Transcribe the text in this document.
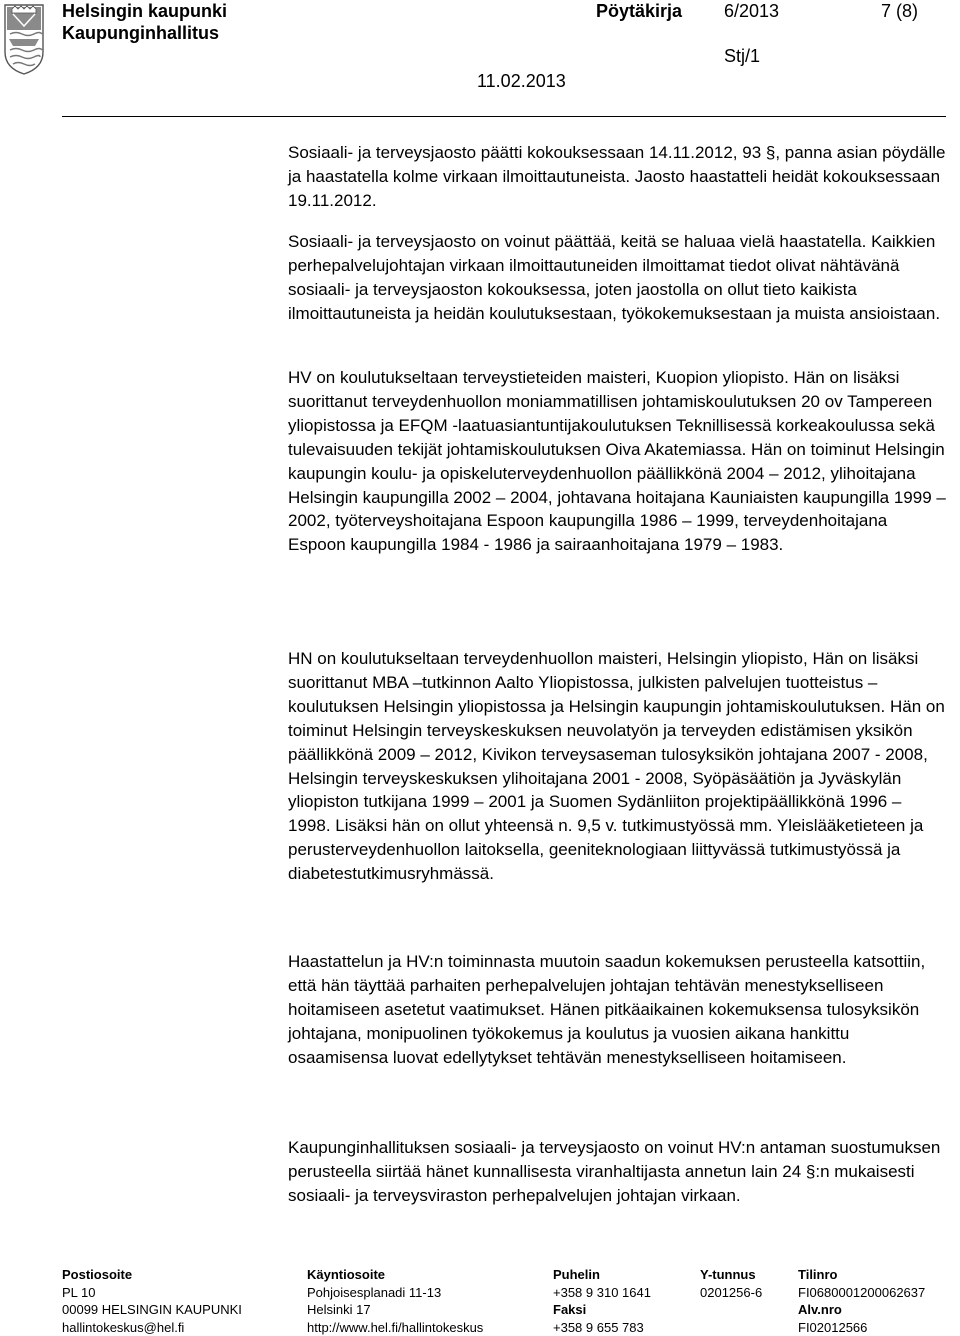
Helsingin kaupunki
Kaupunginhallitus
Pöytäkirja 6/2013	7 (8)
Stj/1
11.02.2013

Sosiaali- ja terveysjaosto päätti kokouksessaan 14.11.2012, 93 §, panna asian pöydälle ja haastatella kolme virkaan ilmoittautuneista. Jaosto haastatteli heidät kokouksessaan 19.11.2012.

Sosiaali- ja terveysjaosto on voinut päättää, keitä se haluaa vielä haastatella. Kaikkien perhepalvelujohtajan virkaan ilmoittautuneiden ilmoittamat tiedot olivat nähtävänä sosiaali- ja terveysjaoston kokouksessa, joten jaostolla on ollut tieto kaikista ilmoittautuneista ja heidän koulutuksestaan, työkokemuksestaan ja muista ansioistaan.

HV on koulutukseltaan terveystieteiden maisteri, Kuopion yliopisto. Hän on lisäksi suorittanut terveydenhuollon moniammatillisen johtamiskoulutuksen 20 ov Tampereen yliopistossa ja EFQM -laatuasiantuntijakoulutuksen Teknillisessä korkeakoulussa sekä tulevaisuuden tekijät johtamiskoulutuksen Oiva Akatemiassa. Hän on toiminut Helsingin kaupungin koulu- ja opiskeluterveydenhuollon päällikkönä 2004 – 2012, ylihoitajana Helsingin kaupungilla 2002 – 2004, johtavana hoitajana Kauniaisten kaupungilla 1999 – 2002, työterveyshoitajana Espoon kaupungilla 1986 – 1999, terveydenhoitajana Espoon kaupungilla 1984 - 1986 ja sairaanhoitajana 1979 – 1983.

HN on koulutukseltaan terveydenhuollon maisteri, Helsingin yliopisto, Hän on lisäksi suorittanut MBA –tutkinnon Aalto Yliopistossa, julkisten palvelujen tuotteistus –koulutuksen Helsingin yliopistossa ja Helsingin kaupungin johtamiskoulutuksen. Hän on toiminut Helsingin terveyskeskuksen neuvolatyön ja terveyden edistämisen yksikön päällikkönä 2009 – 2012, Kivikon terveysaseman tulosyksikön johtajana 2007 - 2008, Helsingin terveyskeskuksen ylihoitajana 2001 - 2008, Syöpäsäätiön ja Jyväskylän yliopiston tutkijana 1999 – 2001 ja Suomen Sydänliiton projektipäällikkönä 1996 – 1998. Lisäksi hän on ollut yhteensä n. 9,5 v. tutkimustyössä mm. Yleislääketieteen ja perusterveydenhuollon laitoksella, geeniteknologiaan liittyvässä tutkimustyössä ja diabetestutkimusryhmässä.

Haastattelun ja HV:n toiminnasta muutoin saadun kokemuksen perusteella katsottiin, että hän täyttää parhaiten perhepalvelujen johtajan tehtävän menestykselliseen hoitamiseen asetetut vaatimukset. Hänen pitkäaikainen kokemuksensa tulosyksikön johtajana, monipuolinen työkokemus ja koulutus ja vuosien aikana hankittu osaamisensa luovat edellytykset tehtävän menestykselliseen hoitamiseen.

Kaupunginhallituksen sosiaali- ja terveysjaosto on voinut HV:n antaman suostumuksen perusteella siirtää hänet kunnallisesta viranhaltijasta annetun lain 24 §:n mukaisesti sosiaali- ja terveysviraston perhepalvelujen johtajan virkaan.

Postiosoite
PL 10
00099 HELSINGIN KAUPUNKI
hallintokeskus@hel.fi
Käyntiosoite
Pohjoisesplanadi 11-13
Helsinki 17
http://www.hel.fi/hallintokeskus
Puhelin
+358 9 310 1641
Faksi
+358 9 655 783
Y-tunnus
0201256-6
Tilinro
FI0680001200062637
Alv.nro
FI02012566
